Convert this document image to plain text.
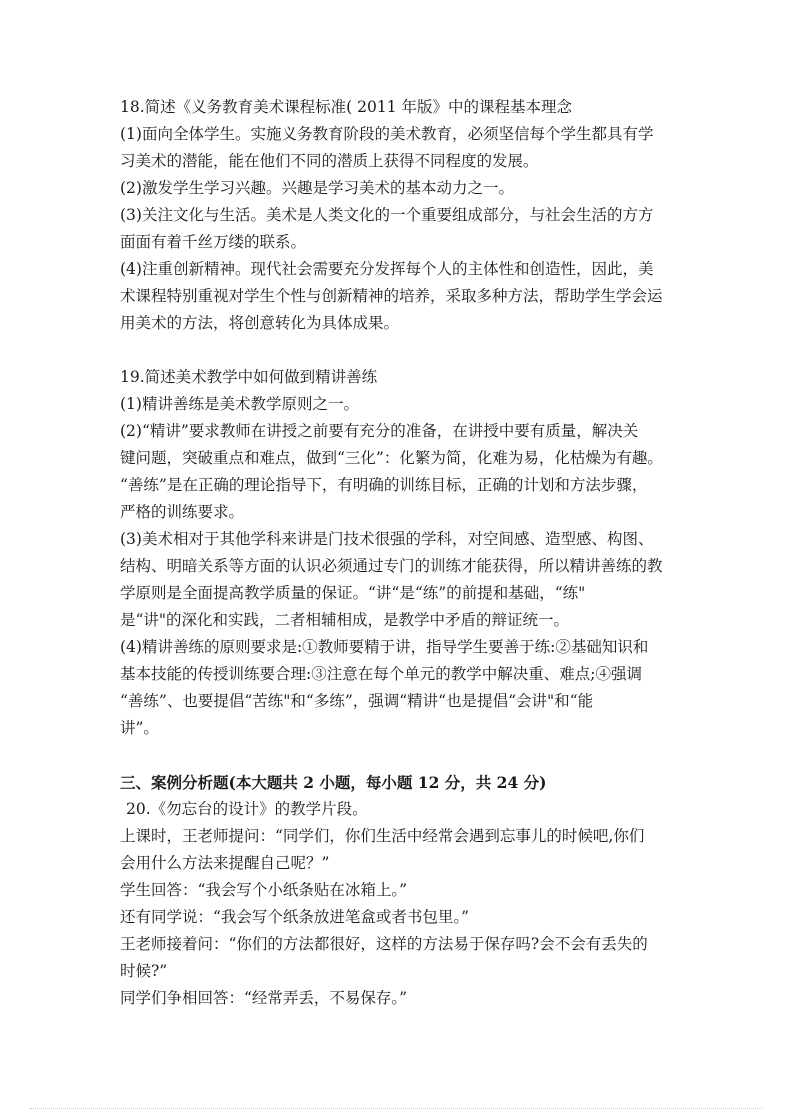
18.简述《义务教育美术课程标准( 2011 年版》中的课程基本理念

(1)面向全体学生。实施义务教育阶段的美术教育，必须坚信每个学生都具有学

习美术的潜能，能在他们不同的潜质上获得不同程度的发展。

(2)激发学生学习兴趣。兴趣是学习美术的基本动力之一。

(3)关注文化与生活。美术是人类文化的一个重要组成部分，与社会生活的方方

面面有着千丝万缕的联系。

(4)注重创新精神。现代社会需要充分发挥每个人的主体性和创造性，因此，美

术课程特别重视对学生个性与创新精神的培养，采取多种方法，帮助学生学会运

用美术的方法，将创意转化为具体成果。

19.简述美术教学中如何做到精讲善练

(1)精讲善练是美术教学原则之一。

(2)“精讲”要求教师在讲授之前要有充分的准备，在讲授中要有质量，解决关

键问题，突破重点和难点，做到“三化”：化繁为简，化难为易，化枯燥为有趣。

“善练”是在正确的理论指导下，有明确的训练目标，正确的计划和方法步骤，

严格的训练要求。

(3)美术相对于其他学科来讲是门技术很强的学科，对空间感、造型感、构图、

结构、明暗关系等方面的认识必须通过专门的训练才能获得，所以精讲善练的教

学原则是全面提高教学质量的保证。“讲“是“练”的前提和基础，“练"

是“讲"的深化和实践，二者相辅相成，是教学中矛盾的辩证统一。

(4)精讲善练的原则要求是:①教师要精于讲，指导学生要善于练:②基础知识和

基本技能的传授训练要合理:③注意在每个单元的教学中解决重、难点;④强调

“善练”、也要提倡“苦练"和“多练”，强调“精讲“也是提倡“会讲"和“能

讲”。

三、案例分析题(本大题共 2 小题，每小题 12 分，共 24 分)

20.《勿忘台的设计》的教学片段。

上课时，王老师提问：“同学们，你们生活中经常会遇到忘事儿的时候吧,你们

会用什么方法来提醒自己呢？”

学生回答：“我会写个小纸条贴在冰箱上。”

还有同学说：“我会写个纸条放进笔盒或者书包里。”

王老师接着问：“你们的方法都很好，这样的方法易于保存吗?会不会有丢失的

时候?”

同学们争相回答：“经常弄丢，不易保存。”
